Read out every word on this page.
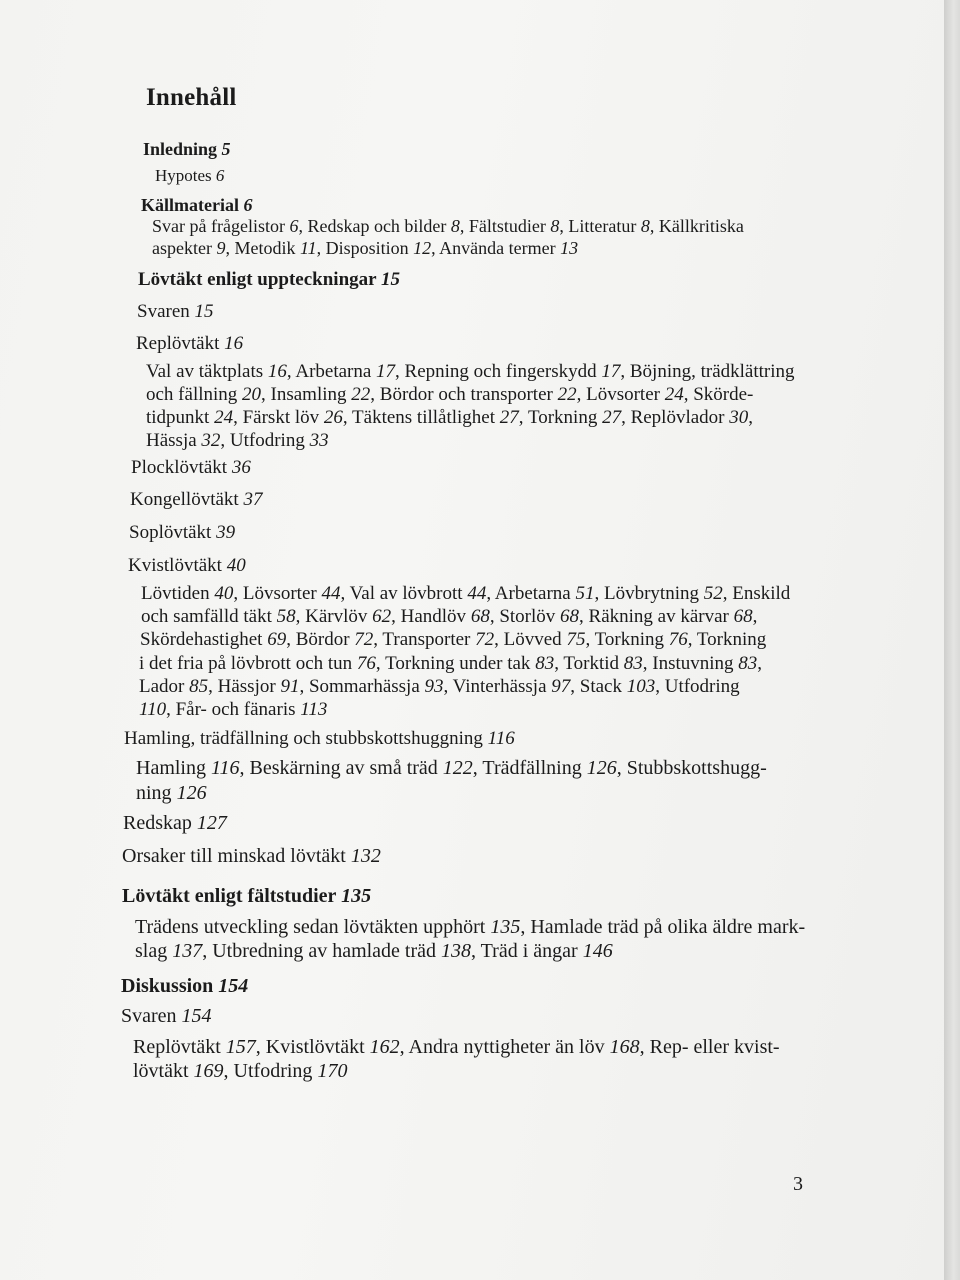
Innehåll
Inledning 5
Hypotes 6
Källmaterial 6
Svar på frågelistor 6, Redskap och bilder 8, Fältstudier 8, Litteratur 8, Källkritiska
aspekter 9, Metodik 11, Disposition 12, Använda termer 13
Lövtäkt enligt uppteckningar 15
Svaren 15
Replövtäkt 16
Val av täktplats 16, Arbetarna 17, Repning och fingerskydd 17, Böjning, trädklättring
och fällning 20, Insamling 22, Bördor och transporter 22, Lövsorter 24, Skörde-
tidpunkt 24, Färskt löv 26, Täktens tillåtlighet 27, Torkning 27, Replövlador 30,
Hässja 32, Utfodring 33
Plocklövtäkt 36
Kongellövtäkt 37
Soplövtäkt 39
Kvistlövtäkt 40
Lövtiden 40, Lövsorter 44, Val av lövbrott 44, Arbetarna 51, Lövbrytning 52, Enskild
och samfälld täkt 58, Kärvlöv 62, Handlöv 68, Storlöv 68, Räkning av kärvar 68,
Skördehastighet 69, Bördor 72, Transporter 72, Lövved 75, Torkning 76, Torkning
i det fria på lövbrott och tun 76, Torkning under tak 83, Torktid 83, Instuvning 83,
Lador 85, Hässjor 91, Sommarhässja 93, Vinterhässja 97, Stack 103, Utfodring
110, Får- och fänaris 113
Hamling, trädfällning och stubbskottshuggning 116
Hamling 116, Beskärning av små träd 122, Trädfällning 126, Stubbskottshugg-
ning 126
Redskap 127
Orsaker till minskad lövtäkt 132
Lövtäkt enligt fältstudier 135
Trädens utveckling sedan lövtäkten upphört 135, Hamlade träd på olika äldre mark-
slag 137, Utbredning av hamlade träd 138, Träd i ängar 146
Diskussion 154
Svaren 154
Replövtäkt 157, Kvistlövtäkt 162, Andra nyttigheter än löv 168, Rep- eller kvist-
lövtäkt 169, Utfodring 170
3
